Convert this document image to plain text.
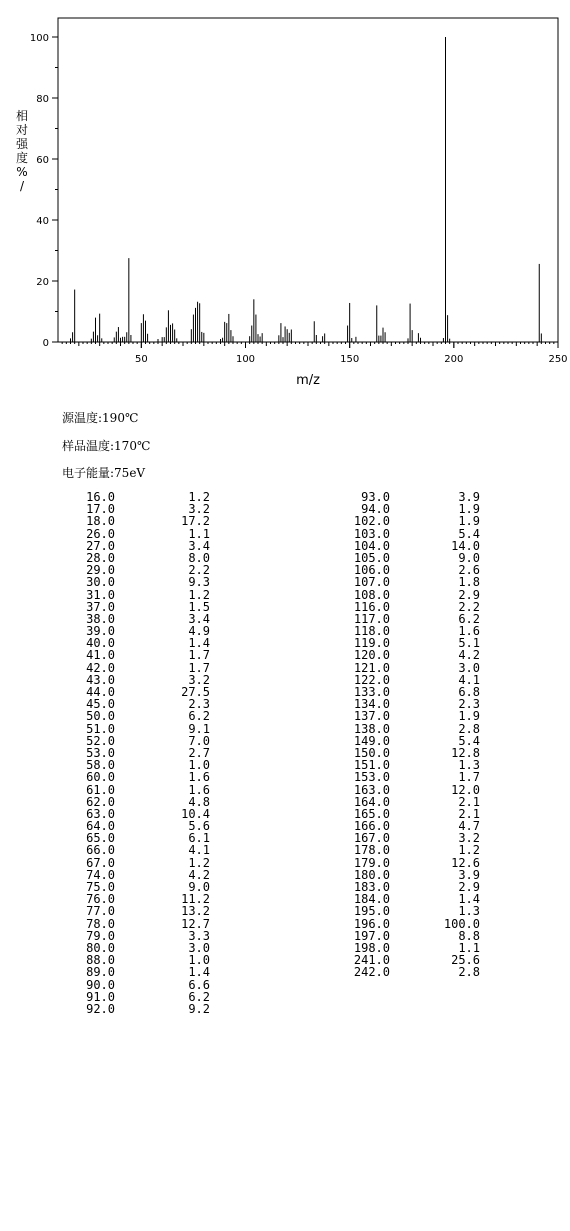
相
对
强
度
%
/
0
20
40
60
80
100
50	100	150	200	250
m/z
源温度:190℃
样品温度:170℃
电子能量:75eV
16.0	1.2
17.0	3.2
18.0	17.2
26.0	1.1
27.0	3.4
28.0	8.0
29.0	2.2
30.0	9.3
31.0	1.2
37.0	1.5
38.0	3.4
39.0	4.9
40.0	1.4
41.0	1.7
42.0	1.7
43.0	3.2
44.0	27.5
45.0	2.3
50.0	6.2
51.0	9.1
52.0	7.0
53.0	2.7
58.0	1.0
60.0	1.6
61.0	1.6
62.0	4.8
63.0	10.4
64.0	5.6
65.0	6.1
66.0	4.1
67.0	1.2
74.0	4.2
75.0	9.0
76.0	11.2
77.0	13.2
78.0	12.7
79.0	3.3
80.0	3.0
88.0	1.0
89.0	1.4
90.0	6.6
91.0	6.2
92.0	9.2
93.0	3.9
94.0	1.9
102.0	1.9
103.0	5.4
104.0	14.0
105.0	9.0
106.0	2.6
107.0	1.8
108.0	2.9
116.0	2.2
117.0	6.2
118.0	1.6
119.0	5.1
120.0	4.2
121.0	3.0
122.0	4.1
133.0	6.8
134.0	2.3
137.0	1.9
138.0	2.8
149.0	5.4
150.0	12.8
151.0	1.3
153.0	1.7
163.0	12.0
164.0	2.1
165.0	2.1
166.0	4.7
167.0	3.2
178.0	1.2
179.0	12.6
180.0	3.9
183.0	2.9
184.0	1.4
195.0	1.3
196.0	100.0
197.0	8.8
198.0	1.1
241.0	25.6
242.0	2.8
